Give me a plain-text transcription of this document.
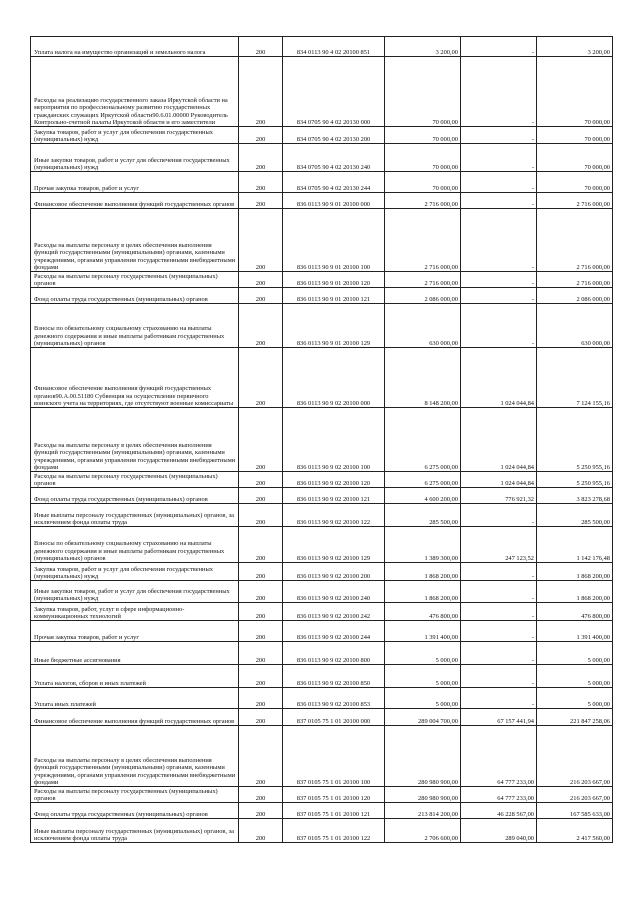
Уплата налога на имущество организаций и земельного налога	200	834 0113 90 4 02 20100 851	3 200,00	-	3 200,00
Расходы на реализацию государственного заказа Иркутской области на мероприятия по профессиональному развитию государственных гражданских служащих Иркутской области90.6.01.00000 Руководитель Контрольно-счетной палаты Иркутской области и его заместители	200	834 0705 90 4 02 20130 000	70 000,00	-	70 000,00
Закупка товаров, работ и услуг для обеспечения государственных (муниципальных) нужд	200	834 0705 90 4 02 20130 200	70 000,00	-	70 000,00
Иные закупки товаров, работ и услуг для обеспечения государственных (муниципальных) нужд	200	834 0705 90 4 02 20130 240	70 000,00	-	70 000,00
Прочая закупка товаров, работ и услуг	200	834 0705 90 4 02 20130 244	70 000,00	-	70 000,00
Финансовое обеспечение выполнения функций государственных органов	200	836 0113 90 9 01 20100 000	2 716 000,00	-	2 716 000,00
Расходы на выплаты персоналу в целях обеспечения выполнения функций государственными (муниципальными) органами, казенными учреждениями, органами управления государственными внебюджетными фондами	200	836 0113 90 9 01 20100 100	2 716 000,00	-	2 716 000,00
Расходы на выплаты персоналу государственных (муниципальных) органов	200	836 0113 90 9 01 20100 120	2 716 000,00	-	2 716 000,00
Фонд оплаты труда государственных (муниципальных) органов	200	836 0113 90 9 01 20100 121	2 086 000,00	-	2 086 000,00
Взносы по обязательному социальному страхованию на выплаты денежного содержания и иные выплаты работникам государственных (муниципальных) органов	200	836 0113 90 9 01 20100 129	630 000,00	-	630 000,00
Финансовое обеспечение выполнения функций государственных органов90.А.00.51180 Субвенция на осуществление первичного воинского учета на территориях, где отсутствуют военные комиссариаты	200	836 0113 90 9 02 20100 000	8 148 200,00	1 024 044,84	7 124 155,16
Расходы на выплаты персоналу в целях обеспечения выполнения функций государственными (муниципальными) органами, казенными учреждениями, органами управления государственными внебюджетными фондами	200	836 0113 90 9 02 20100 100	6 275 000,00	1 024 044,84	5 250 955,16
Расходы на выплаты персоналу государственных (муниципальных) органов	200	836 0113 90 9 02 20100 120	6 275 000,00	1 024 044,84	5 250 955,16
Фонд оплаты труда государственных (муниципальных) органов	200	836 0113 90 9 02 20100 121	4 600 200,00	776 921,32	3 823 278,68
Иные выплаты персоналу государственных (муниципальных) органов, за исключением фонда оплаты труда	200	836 0113 90 9 02 20100 122	285 500,00	-	285 500,00
Взносы по обязательному социальному страхованию на выплаты денежного содержания и иные выплаты работникам государственных (муниципальных) органов	200	836 0113 90 9 02 20100 129	1 389 300,00	247 123,52	1 142 176,48
Закупка товаров, работ и услуг для обеспечения государственных (муниципальных) нужд	200	836 0113 90 9 02 20100 200	1 868 200,00	-	1 868 200,00
Иные закупки товаров, работ и услуг для обеспечения государственных (муниципальных) нужд	200	836 0113 90 9 02 20100 240	1 868 200,00	-	1 868 200,00
Закупка товаров, работ, услуг в сфере информационно-коммуникационных технологий	200	836 0113 90 9 02 20100 242	476 800,00	-	476 800,00
Прочая закупка товаров, работ и услуг	200	836 0113 90 9 02 20100 244	1 391 400,00	-	1 391 400,00
Иные бюджетные ассигнования	200	836 0113 90 9 02 20100 800	5 000,00	-	5 000,00
Уплата налогов, сборов и иных платежей	200	836 0113 90 9 02 20100 850	5 000,00	-	5 000,00
Уплата иных платежей	200	836 0113 90 9 02 20100 853	5 000,00	-	5 000,00
Финансовое обеспечение выполнения функций государственных органов	200	837 0105 75 1 01 20100 000	289 004 700,00	67 157 441,94	221 847 258,06
Расходы на выплаты персоналу в целях обеспечения выполнения функций государственными (муниципальными) органами, казенными учреждениями, органами управления государственными внебюджетными фондами	200	837 0105 75 1 01 20100 100	280 980 900,00	64 777 233,00	216 203 667,00
Расходы на выплаты персоналу государственных (муниципальных) органов	200	837 0105 75 1 01 20100 120	280 980 900,00	64 777 233,00	216 203 667,00
Фонд оплаты труда государственных (муниципальных) органов	200	837 0105 75 1 01 20100 121	213 814 200,00	46 228 567,00	167 585 633,00
Иные выплаты персоналу государственных (муниципальных) органов, за исключением фонда оплаты труда	200	837 0105 75 1 01 20100 122	2 706 600,00	289 040,00	2 417 560,00
